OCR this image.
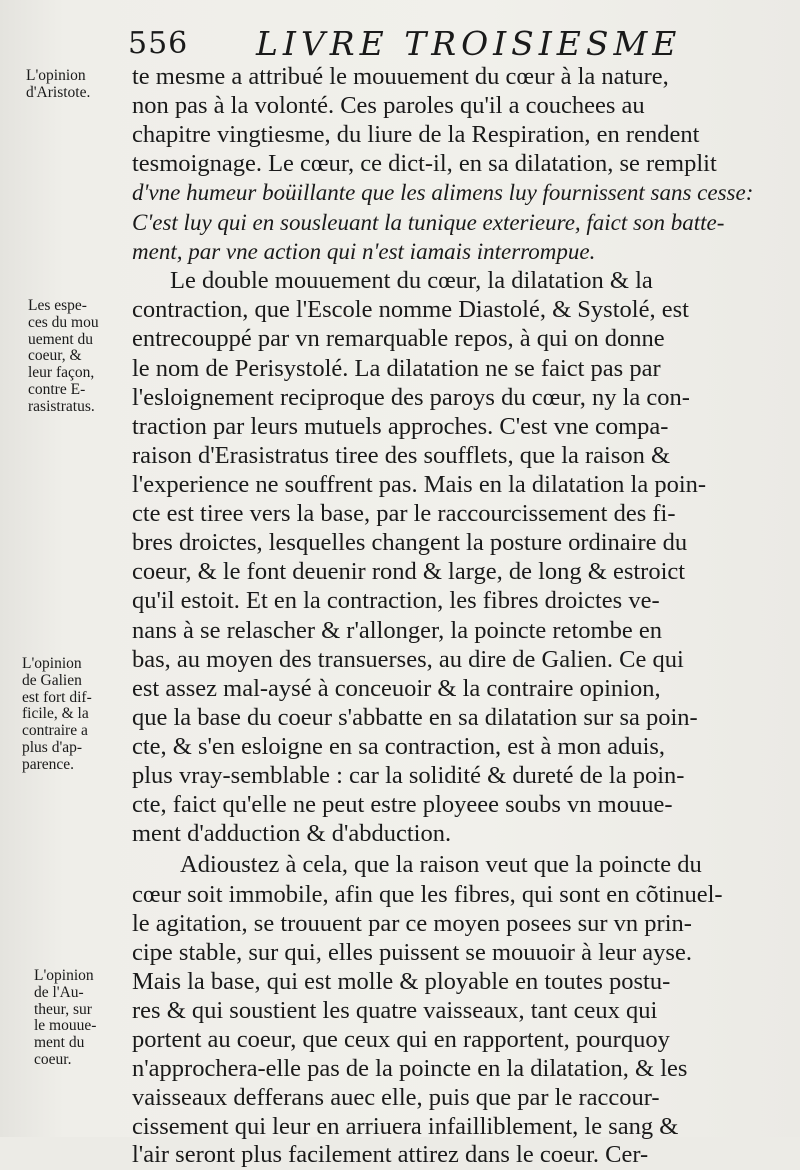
556 LIVRE TROISIESME
L'opinion
d'Aristote.
Les espe-
ces du mou
uement du
coeur, &
leur façon,
contre E-
rasistratus.
L'opinion
de Galien
est fort dif-
ficile, & la
contraire a
plus d'ap-
parence.
L'opinion
de l'Au-
theur, sur
le mouue-
ment du
coeur.
te mesme a attribué le mouuement du cœur à la nature,
non pas à la volonté. Ces paroles qu'il a couchees au
chapitre vingtiesme, du liure de la Respiration, en rendent
tesmoignage. Le cœur, ce dict-il, en sa dilatation, se remplit
d'vne humeur boüillante que les alimens luy fournissent sans cesse:
C'est luy qui en sousleuant la tunique exterieure, faict son batte-
ment, par vne action qui n'est iamais interrompue.
Le double mouuement du cœur, la dilatation & la
contraction, que l'Escole nomme Diastolé, & Systolé, est
entrecouppé par vn remarquable repos, à qui on donne
le nom de Perisystolé. La dilatation ne se faict pas par
l'esloignement reciproque des paroys du cœur, ny la con-
traction par leurs mutuels approches. C'est vne compa-
raison d'Erasistratus tiree des soufflets, que la raison &
l'experience ne souffrent pas. Mais en la dilatation la poin-
cte est tiree vers la base, par le raccourcissement des fi-
bres droictes, lesquelles changent la posture ordinaire du
coeur, & le font deuenir rond & large, de long & estroict
qu'il estoit. Et en la contraction, les fibres droictes ve-
nans à se relascher & r'allonger, la poincte retombe en
bas, au moyen des transuerses, au dire de Galien. Ce qui
est assez mal-aysé à conceuoir & la contraire opinion,
que la base du coeur s'abbatte en sa dilatation sur sa poin-
cte, & s'en esloigne en sa contraction, est à mon aduis,
plus vray-semblable : car la solidité & dureté de la poin-
cte, faict qu'elle ne peut estre ployeee soubs vn mouue-
ment d'adduction & d'abduction.
Adioustez à cela, que la raison veut que la poincte du
cœur soit immobile, afin que les fibres, qui sont en cõtinuel-
le agitation, se trouuent par ce moyen posees sur vn prin-
cipe stable, sur qui, elles puissent se mouuoir à leur ayse.
Mais la base, qui est molle & ployable en toutes postu-
res & qui soustient les quatre vaisseaux, tant ceux qui
portent au coeur, que ceux qui en rapportent, pourquoy
n'approchera-elle pas de la poincte en la dilatation, & les
vaisseaux defferans auec elle, puis que par le raccour-
cissement qui leur en arriuera infailliblement, le sang &
l'air seront plus facilement attirez dans le coeur. Cer-
